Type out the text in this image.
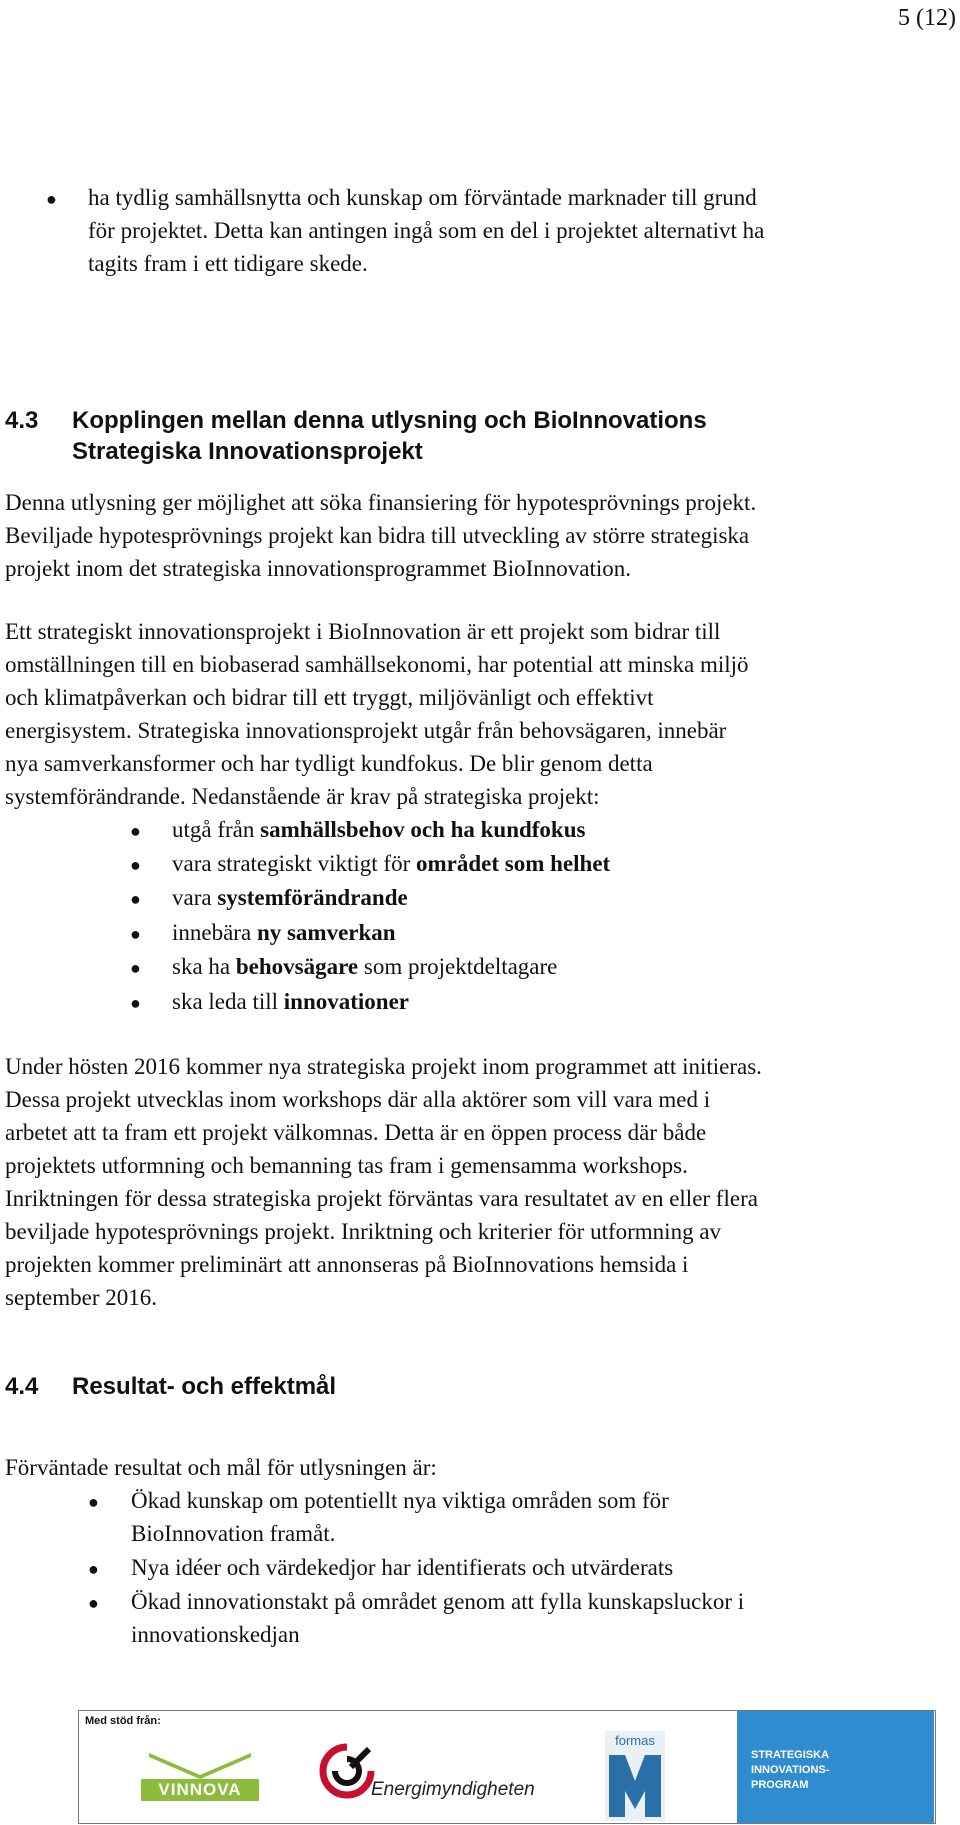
5 (12)
● ha tydlig samhällsnytta och kunskap om förväntade marknader till grund
för projektet. Detta kan antingen ingå som en del i projektet alternativt ha
tagits fram i ett tidigare skede.
4.3 Kopplingen mellan denna utlysning och BioInnovations
Strategiska Innovationsprojekt
Denna utlysning ger möjlighet att söka finansiering för hypotesprövnings projekt.
Beviljade hypotesprövnings projekt kan bidra till utveckling av större strategiska
projekt inom det strategiska innovationsprogrammet BioInnovation.
Ett strategiskt innovationsprojekt i BioInnovation är ett projekt som bidrar till
omställningen till en biobaserad samhällsekonomi, har potential att minska miljö
och klimatpåverkan och bidrar till ett tryggt, miljövänligt och effektivt
energisystem. Strategiska innovationsprojekt utgår från behovsägaren, innebär
nya samverkansformer och har tydligt kundfokus. De blir genom detta
systemförändrande. Nedanstående är krav på strategiska projekt:
● utgå från samhällsbehov och ha kundfokus
● vara strategiskt viktigt för området som helhet
● vara systemförändrande
● innebära ny samverkan
● ska ha behovsägare som projektdeltagare
● ska leda till innovationer
Under hösten 2016 kommer nya strategiska projekt inom programmet att initieras.
Dessa projekt utvecklas inom workshops där alla aktörer som vill vara med i
arbetet att ta fram ett projekt välkomnas. Detta är en öppen process där både
projektets utformning och bemanning tas fram i gemensamma workshops.
Inriktningen för dessa strategiska projekt förväntas vara resultatet av en eller flera
beviljade hypotesprövnings projekt. Inriktning och kriterier för utformning av
projekten kommer preliminärt att annonseras på BioInnovations hemsida i
september 2016.
4.4 Resultat- och effektmål
Förväntade resultat och mål för utlysningen är:
● Ökad kunskap om potentiellt nya viktiga områden som för
BioInnovation framåt.
● Nya idéer och värdekedjor har identifierats och utvärderats
● Ökad innovationstakt på området genom att fylla kunskapsluckor i
innovationskedjan
Med stöd från:
VINNOVA	Energimyndigheten
formas
STRATEGISKA
INNOVATIONS-
PROGRAM
